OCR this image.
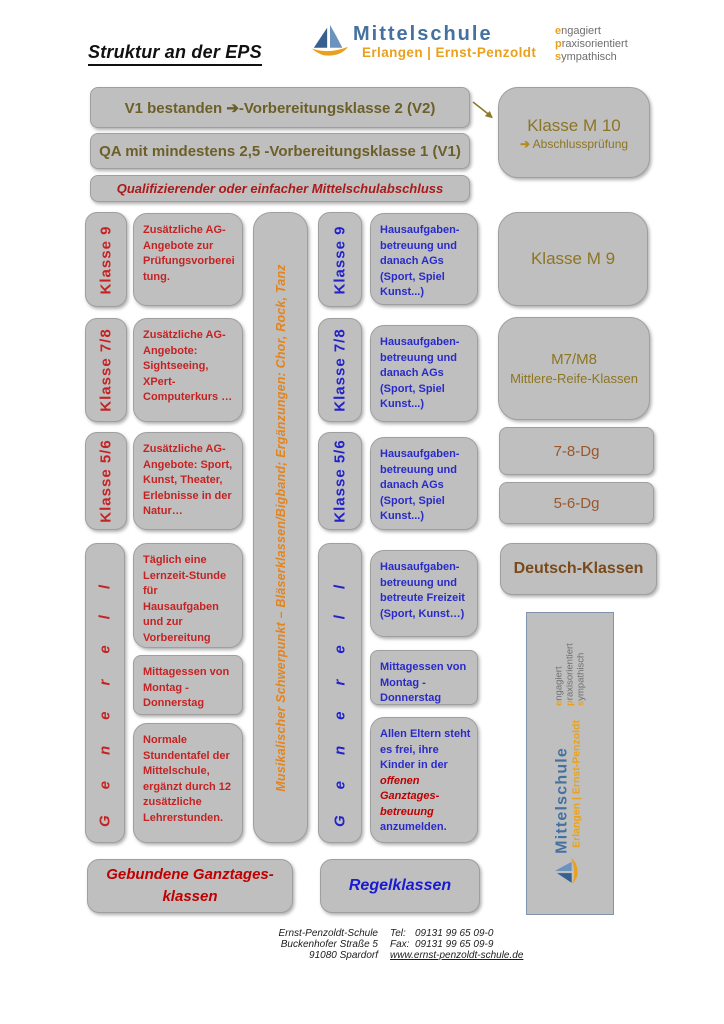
Struktur an der EPS
Mittelschule
Erlangen | Ernst-Penzoldt
engagiert
praxisorientiert
sympathisch
V1 bestanden ➔-Vorbereitungsklasse 2 (V2)
QA mit mindestens 2,5 -Vorbereitungsklasse 1 (V1)
Qualifizierender oder einfacher Mittelschulabschluss
Klasse M 10
➔ Abschlussprüfung
Klasse 9	Zusätzliche AG-Angebote zur Prüfungsvorbereitung.	Klasse 9	Hausaufgaben-betreuung und danach AGs (Sport, Spiel Kunst...)
Klasse 7/8	Zusätzliche AG-Angebote: Sightseeing, XPert-Computerkurs …	Klasse 7/8	Hausaufgaben-betreuung und danach AGs (Sport, Spiel Kunst...)
Klasse 5/6	Zusätzliche AG-Angebote: Sport, Kunst, Theater, Erlebnisse in der Natur…	Klasse 5/6	Hausaufgaben-betreuung und danach AGs (Sport, Spiel Kunst...)
Musikalischer Schwerpunkt – Bläserklassen/Bigband; Ergänzungen: Chor, Rock, Tanz
Klasse M 9
M7/M8
Mittlere-Reife-Klassen
7-8-Dg
5-6-Dg
Deutsch-Klassen
Generell	Täglich eine Lernzeit-Stunde für Hausaufgaben und zur Vorbereitung
Mittagessen von Montag - Donnerstag
Normale Stundentafel der Mittelschule, ergänzt durch 12 zusätzliche Lehrerstunden.	Generell	Hausaufgaben-betreuung und betreute Freizeit (Sport, Kunst…)
Mittagessen von Montag - Donnerstag
Allen Eltern steht es frei, ihre Kinder in der offenen Ganztages-betreuung anzumelden.
Gebundene Ganztages-klassen
Regelklassen
Ernst-Penzoldt-Schule
Buckenhofer Straße 5
91080 Spardorf
Tel: 09131 99 65 09-0
Fax: 09131 99 65 09-9
www.ernst-penzoldt-schule.de
Mittelschule Erlangen | Ernst-Penzoldt
engagiert
praxisorientiert
sympathisch
